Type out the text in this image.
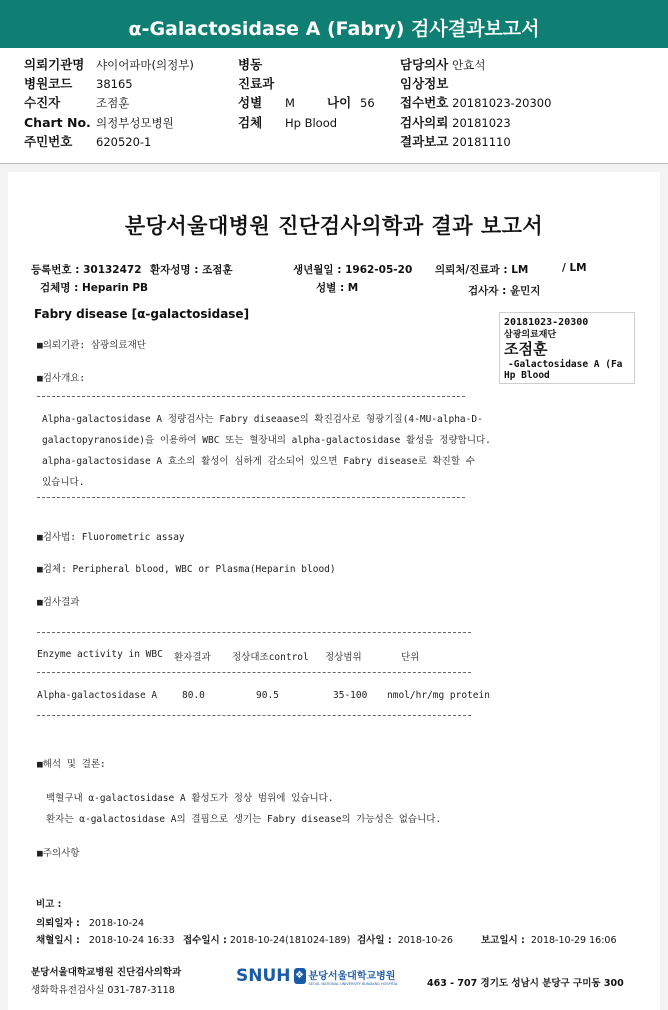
α-Galactosidase A (Fabry) 검사결과보고서
의뢰기관명 샤이어파마(의정부)
병원코드 38165
수진자	조점훈
Chart No. 의정부성모병원
주민번호 620520-1
병동
진료과
성별 M	나이 56
검체 Hp Blood
담당의사 안효석
임상정보
접수번호 20181023-20300
검사의뢰 20181023
결과보고 20181110
분당서울대병원 진단검사의학과 결과 보고서
등록번호 : 30132472 환자성명 : 조점훈	생년월일 : 1962-05-20 의뢰처/진료과 : LM	/ LM
검체명 : Heparin PB	성별 : M	검사자 : 윤민지
Fabry disease [α-galactosidase]
20181023-20300
삼광의료재단
조점훈
-Galactosidase A (Fa
Hp Blood
■의뢰기관: 삼광의료재단
■검사개요:
Alpha-galactosidase A 정량검사는 Fabry diseaase의 확진검사로 형광기질(4-MU-alpha-D-
galactopyranoside)을 이용하여 WBC 또는 혈장내의 alpha-galactosidase 활성을 정량합니다.
alpha-galactosidase A 효소의 활성이 심하게 감소되어 있으면 Fabry disease로 확진할 수
있습니다.
■검사법: Fluorometric assay
■검체: Peripheral blood, WBC or Plasma(Heparin blood)
■검사결과
Enzyme activity in WBC 환자결과 정상대조control 정상범위	단위
Alpha-galactosidase A	80.0	90.5	35-100 nmol/hr/mg protein
■해석 및 결론:
백혈구내 α-galactosidase A 활성도가 정상 범위에 있습니다.
환자는 α-galactosidase A의 결핍으로 생기는 Fabry disease의 가능성은 없습니다.
■주의사항
비고 :
의뢰일자 : 2018-10-24
채혈일시 : 2018-10-24 16:33 접수일시 : 2018-10-24(181024-189) 검사일 : 2018-10-26	보고일시 : 2018-10-29 16:06
분당서울대학교병원 진단검사의학과
생화학유전검사실 031-787-3118
SNUH ❖ 분당서울대학교병원
SEOUL NATIONAL UNIVERSITY BUNDANG HOSPITAL	463 - 707 경기도 성남시 분당구 구미동 300
